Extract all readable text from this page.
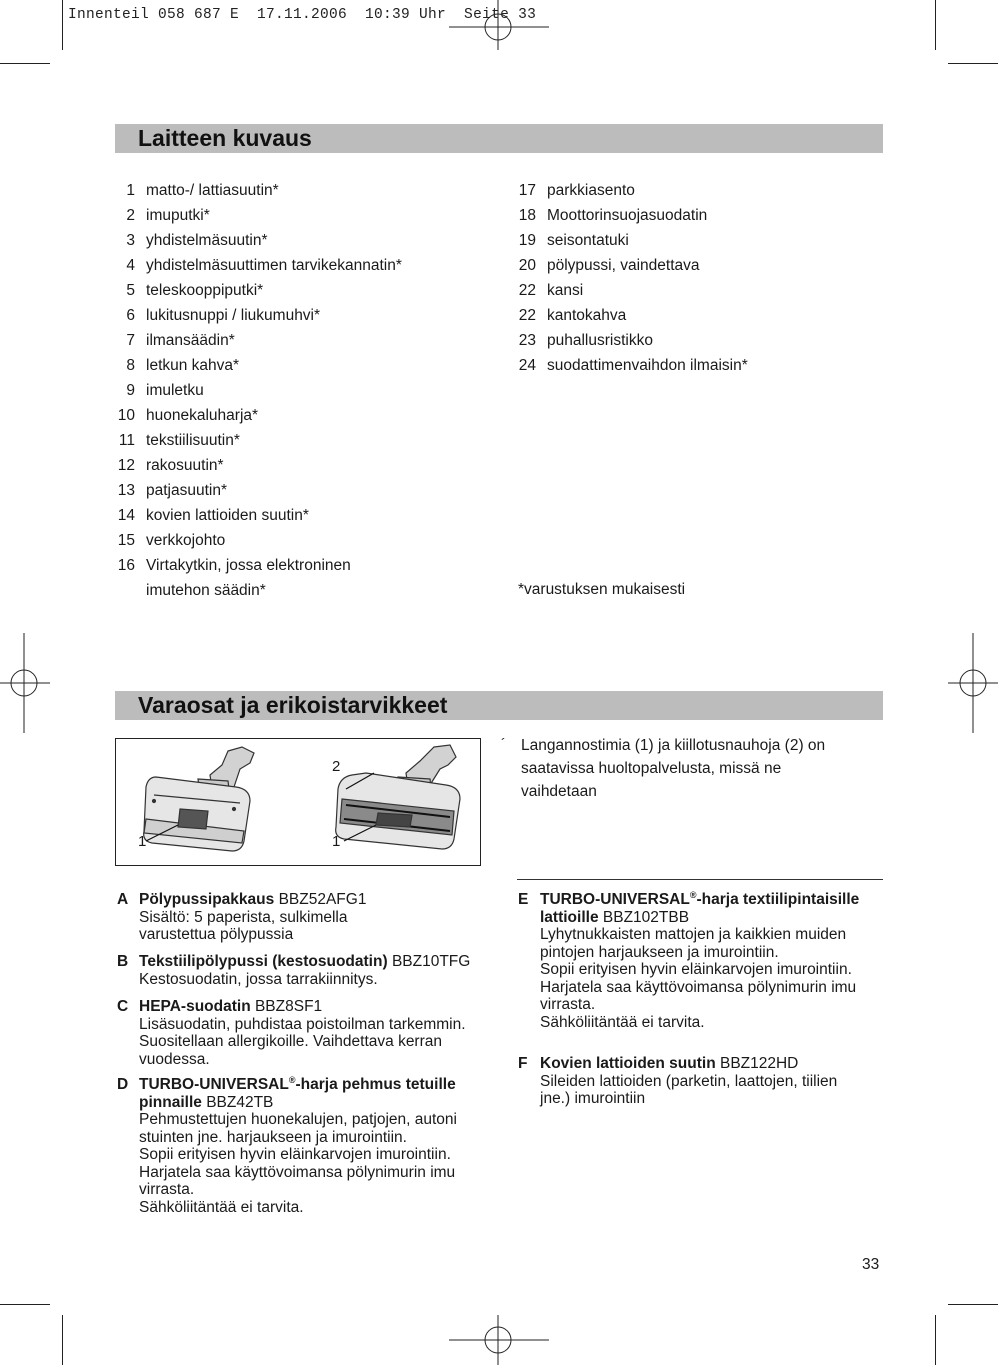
Innenteil 058 687 E  17.11.2006  10:39 Uhr  Seite 33
Laitteen kuvaus
1 matto-/ lattiasuutin*
2 imuputki*
3 yhdistelmäsuutin*
4 yhdistelmäsuuttimen tarvikekannatin*
5 teleskooppiputki*
6 lukitusnuppi / liukumuhvi*
7 ilmansäädin*
8 letkun kahva*
9 imuletku
10 huonekaluharja*
11 tekstiilisuutin*
12 rakosuutin*
13 patjasuutin*
14 kovien lattioiden suutin*
15 verkkojohto
16 Virtakytkin, jossa elektroninen
imutehon säädin*
17 parkkiasento
18 Moottorinsuojasuodatin
19 seisontatuki
20 pölypussi, vaindettava
22 kansi
22 kantokahva
23 puhallusristikko
24 suodattimenvaihdon ilmaisin*
*varustuksen mukaisesti
Varaosat ja erikoistarvikkeet
1
2
1
´ Langannostimia (1) ja kiillotusnauhoja (2) on
saatavissa huoltopalvelusta, missä ne
vaihdetaan
A Pölypussipakkaus BBZ52AFG1
Sisältö: 5 paperista, sulkimella
varustettua pölypussia
B Tekstiilipölypussi (kestosuodatin) BBZ10TFG
Kestosuodatin, jossa tarrakiinnitys.
C HEPA-suodatin BBZ8SF1
Lisäsuodatin, puhdistaa poistoilman tarkemmin.
Suositellaan allergikoille. Vaihdettava kerran
vuodessa.
D TURBO-UNIVERSAL®-harja pehmus tetuille
pinnaille BBZ42TB
Pehmustettujen huonekalujen, patjojen, autoni
stuinten jne. harjaukseen ja imurointiin.
Sopii erityisen hyvin eläinkarvojen imurointiin.
Harjatela saa käyttövoimansa pölynimurin imu
virrasta.
Sähköliitäntää ei tarvita.
E TURBO-UNIVERSAL®-harja textiilipintaisille
lattioille BBZ102TBB
Lyhytnukkaisten mattojen ja kaikkien muiden
pintojen harjaukseen ja imurointiin.
Sopii erityisen hyvin eläinkarvojen imurointiin.
Harjatela saa käyttövoimansa pölynimurin imu
virrasta.
Sähköliitäntää ei tarvita.
F Kovien lattioiden suutin BBZ122HD
Sileiden lattioiden (parketin, laattojen, tiilien
jne.) imurointiin
33
